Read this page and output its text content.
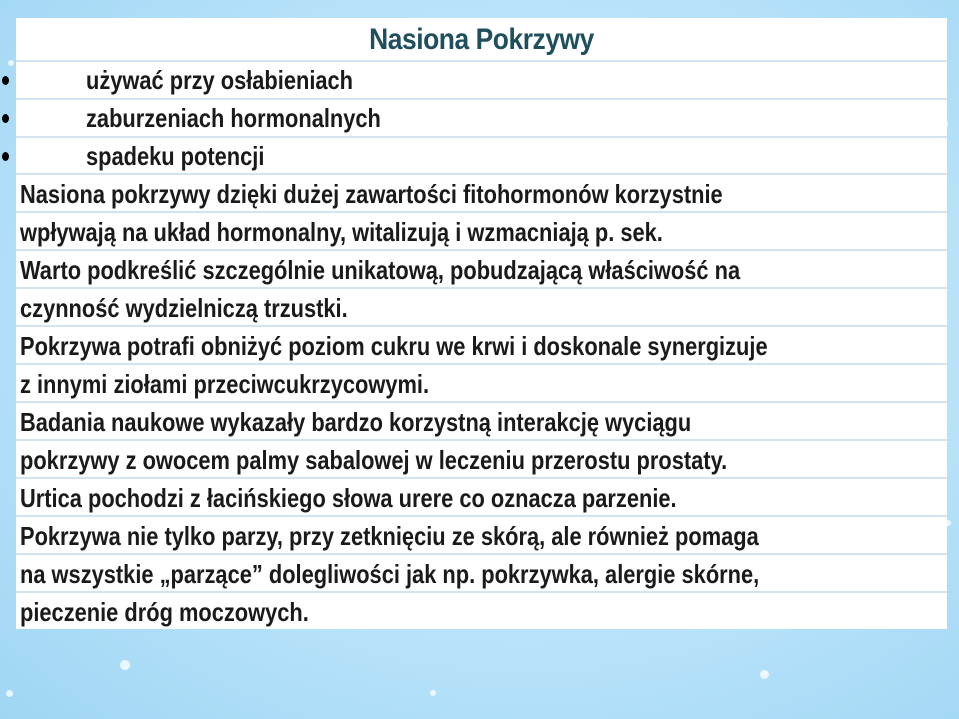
Nasiona Pokrzywy
używać przy osłabieniach
zaburzeniach hormonalnych
spadeku potencji
Nasiona pokrzywy dzięki dużej zawartości fitohormonów korzystnie
wpływają na układ hormonalny, witalizują i wzmacniają p. sek.
Warto podkreślić szczególnie unikatową, pobudzającą właściwość na
czynność wydzielniczą trzustki.
Pokrzywa potrafi obniżyć poziom cukru we krwi i doskonale synergizuje
z innymi ziołami przeciwcukrzycowymi.
Badania naukowe wykazały bardzo korzystną interakcję wyciągu
pokrzywy z owocem palmy sabalowej w leczeniu przerostu prostaty.
Urtica pochodzi z łacińskiego słowa urere co oznacza parzenie.
Pokrzywa nie tylko parzy, przy zetknięciu ze skórą, ale również pomaga
na wszystkie „parzące” dolegliwości jak np. pokrzywka, alergie skórne,
pieczenie dróg moczowych.
